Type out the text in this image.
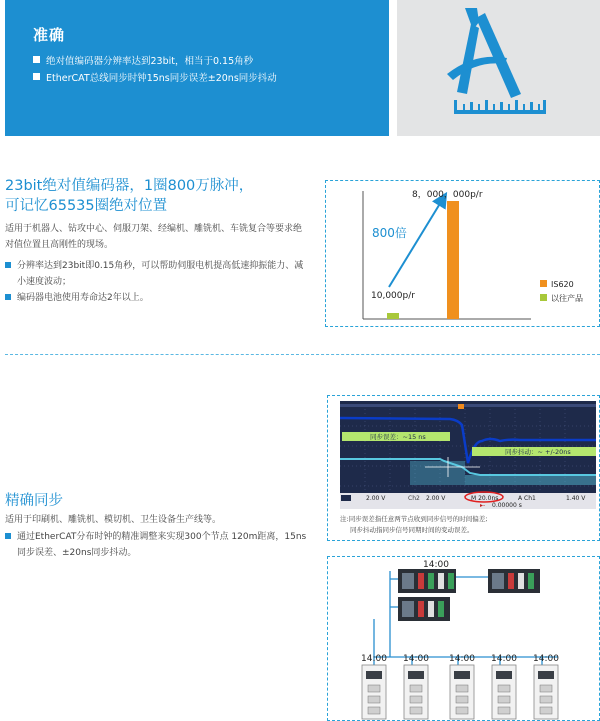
准确
绝对值编码器分辨率达到23bit，相当于0.15角秒
EtherCAT总线同步时钟15ns同步误差±20ns同步抖动
23bit绝对值编码器，1圈800万脉冲，
可记忆65535圈绝对位置
适用于机器人、钻攻中心、伺服刀架、经编机、雕铣机、车铣复合等要求绝对值位置且高刚性的现场。
分辨率达到23bit即0.15角秒，可以帮助伺服电机提高低速抑振能力、减小速度波动；
编码器电池使用寿命达2年以上。	10,000p/r
8，000，000p/r
800倍
IS620
以往产品
精确同步
适用于印刷机、雕铣机、模切机、卫生设备生产线等。
通过EtherCAT分布时钟的精准调整来实现300个节点 120m距离，15ns同步误差、±20ns同步抖动。
同步误差：~15 ns
同步抖动：~ +/-20ns
2.00 V	Ch2 2.00 V	M 20.0ns	A Ch1	1.40 V
▸- 0.00000 s
注:同步误差指任意两节点收到同步信号的时间偏差;
同步抖动指同步信号同期时间的变动误差。
14:00
14:00 14:00 14:00 14:00 14:00
